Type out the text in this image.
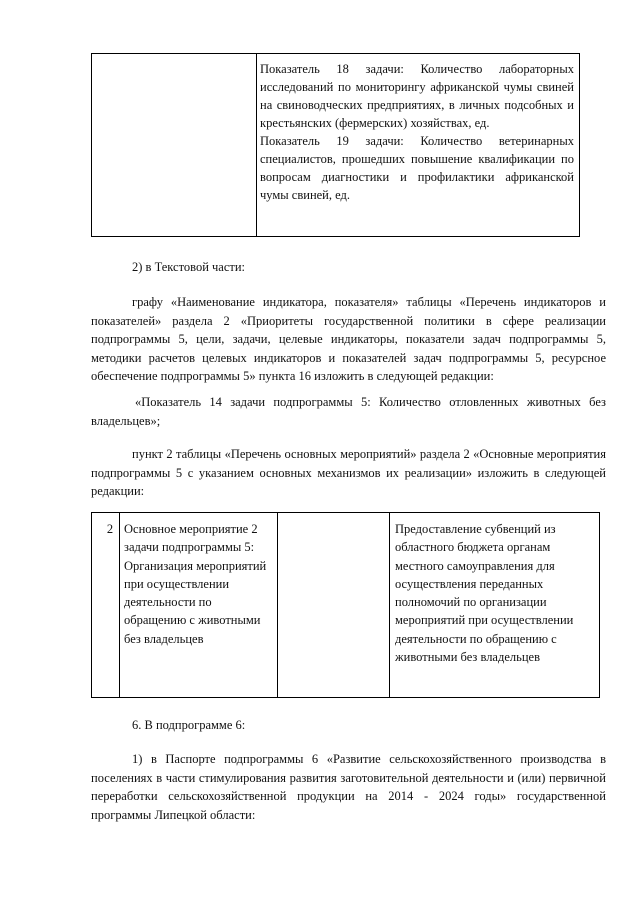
Показатель 18 задачи: Количество лабораторных исследований по мониторингу африканской чумы свиней на свиноводческих предприятиях, в личных подсобных и крестьянских (фермерских) хозяйствах, ед.

Показатель 19 задачи: Количество ветеринарных специалистов, прошедших повышение квалификации по вопросам диагностики и профилактики африканской чумы свиней, ед.

2) в Текстовой части:

графу «Наименование индикатора, показателя» таблицы «Перечень индикаторов и показателей» раздела 2 «Приоритеты государственной политики в сфере реализации подпрограммы 5, цели, задачи, целевые индикаторы, показатели задач подпрограммы 5, методики расчетов целевых индикаторов и показателей задач подпрограммы 5, ресурсное обеспечение подпрограммы 5» пункта 16 изложить в следующей редакции:

«Показатель 14 задачи подпрограммы 5: Количество отловленных животных без владельцев»;

пункт 2 таблицы «Перечень основных мероприятий» раздела 2 «Основные мероприятия подпрограммы 5 с указанием основных механизмов их реализации» изложить в следующей редакции:

2 Основное мероприятие 2 задачи подпрограммы 5: Организация мероприятий при осуществлении деятельности по обращению с животными без владельцев
Предоставление субвенций из областного бюджета органам местного самоуправления для осуществления переданных полномочий по организации мероприятий при осуществлении деятельности по обращению с животными без владельцев

6. В подпрограмме 6:

1) в Паспорте подпрограммы 6 «Развитие сельскохозяйственного производства в поселениях в части стимулирования развития заготовительной деятельности и (или) первичной переработки сельскохозяйственной продукции на 2014 - 2024 годы» государственной программы Липецкой области:
